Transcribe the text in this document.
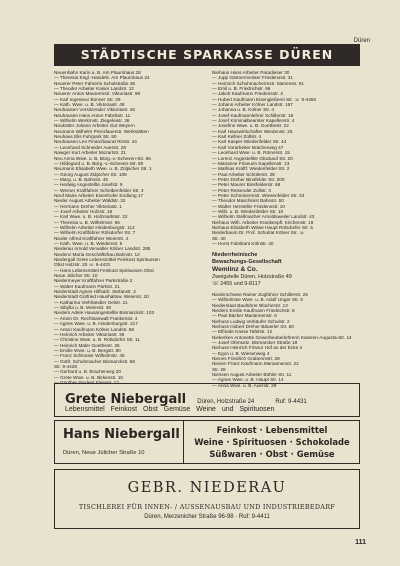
Düren
STÄDTISCHE SPARKASSE DÜREN
Neuenhahn Karin u. B. Am Plaumhaus 28
— Theresia Engl.-Handels. Am Plaumhaus 24
Neuerer Peter Fahrerin Schulstraße 28
— Theoder Arbeiter Kaiser Landstr. 12
Neuerer Anton Maurermstr. Viktoriastr. 98
— Karl Ingenieur Bonner Str. 29
— Kath. Wwe. u. B. Viktoriastr. 48
Neuhausen Vorsitzender Viktoriastr. 46
Neuhausen Hans Anton Fabrikstr. 11
— Wilhelm Werkmstr. Ziegeleistr. 36
Neukötter Johann Arbeiter Gut Weyern
Neumann Wilhelm Prenzlauerstr. Werkstätten
Neuhaus Elis Fuhrpark Str. 50
Neuhausen Leo Finanzbaurat Rinstr. 44
— Leonhard Schneider Auerstr. 28
Nawger Kurt Arbeiter Mozartstr. 21
Neu Anna Wwe. u. B. Bürg.-v.-Scheven-Str. 86
— Hildegard u. B. Bürg.-v.-Scheven-Str. 80
Neumann Elisabeth Wwe. u. B. Zülpicher Str. 1
— Georg August Zülpicher Str. 108
— Marg. u. B. Bahnstr. 46
— Hedwig Angestellte Josefstr. 9
— Werner Kraftfahrer Scheibenfelder Str. 3
Neuf Marie Arbeiter Eisenhofer Endlung 17
Nieder August Arbeiter Waldstr. 32
— Hermann Dreher Viktoriastr. 1
— Josef Arbeiter Holzstr. 18
— Karl Wwe. u. B. Holzmarktstr. 22
— Theresia u. B. Wilhelmstr. 96
— Wilhelm Arbeiter Hindenburgstr. 112
— Wilhelm Kraftfahrer Rölsdorfer Str. 7
Nieder Alfred Kraftfahrer Weierstr. 4
— Kath. Wwe. u. B. Wiedenstr. 5
Niederau Arnold Verwalter Kölner Landstr. 285
Niedenz Maria Geschäftsfrau Bahnstr. 12
Niedergall Grete Lebensmittel Feinkost Spirituosen
Obst Holzstr. 20 ☏ 9-4431
— Hans Lebensmittel Feinkost Spirituosen Obst
Neue Jülicher Str. 10
Niedermeyer Kraftfahrer Parkstraße 2
— Walter Kaufmann Parkstr. 21
Niederstadt Agnes Hilfsarb. Stefanstr. 2
Niederstadt Gotfried Haushaltsw. Weierstr. 20
— Katharina Viehhändler Oelstr. 21
— Sibylla u. B. Weierstr. 48
Nieders Adele Hausangestellte Bismarckstr. 103
— Anton Dr. Rechtsanwalt Frankenstr. 4
— Agnes Wwe. u. B. Hindenburgstr. 217
— Anton Kaufmann Kölner Landstr. 58
— Heinrich Arbeiter Viktoriastr. 38
— Christine Wwe. u. B. Rölsdorfer Str. 11
— Heinrich Maler Goethestr. 25
— Emilie Wwe. u. B. Bergstr. 80
— Franz Schlosser Wilhelmstr. 45
— Gotfr. Schuhmacher Bismarckstr. 56
Str. 9-4428
— Gerhard u. B. Bracherweg 20
— Grete Wwe. u. B. Birkenstr. 10
— Günther Student Kleinstr. 12
Niehaus Hans Arbeiter Paradieser 30
— Jupp Gärtnermeister Friedensstr. 31
— Heinrich Schuhmachermstr. Marienstr. 91
— Emil u. B. Friedrichstr. 96
— Jakob Kaufmann Friedensstr. 4
— Hubert Kaufmann Eisengießerei Str. ☏ 9-4450
— Johann Arbeiter Kölner Landstr. 167
— Johanna u. B. Kölner Str. 4
— Josef Kaufmannlehrer Schillerstr. 19
— Josef Kriminalbeamter Kapellenstr. 4
— Josefine Wwe. u. B. Goethestr. 22
— Karl Hauswirtschafter Wiedenstr. 26
— Karl Kellner Zollstr. 4
— Karl Kasper Wiedenfelder Str. 44
— Karl Vorarbeiter Bracherweg 47
— Leonhard Wwe. u. B. Römerstr. 15
— Lorenz Angestellter Glückauf Str. 20
— Marianne Friseurin Kapellenstr. 13
— Mathias Kraftf. Wiedenfelder Str. 2
— Paul Arbeiter Schülerstr. 28
— Peter Dreher Binsfelder Str. 200
— Peter Maurer Binsfelderstr. 68
— Peter Reisender Zollstr. 3
— Peter Schreinermstr. Wiesenfelder Str. 33
— Theodor Maschinist Bahnstr. 50
— Walter Hersteller Friedensstr. 10
— Wilh. u. B. Wiedenfelder Str. 10
— Wilhelm Stellmacher Arnoldsweiler Landstr. 43
Niehaus Wilh. Arbeiter Krankenpfl. Kirchenstr. 19
Niehaus Elisabeth Witwe Haupt Rölsdorfer Str. 5
Niederbaum Dr. Prof. Schulrat Kölner Str. ☏
Str. 40
— Horst Fabrikant Kölnstr. 40
Niederrheinische
Bewachungs-Gesellschaft
Wemlinz & Co.
Zweigstelle Düren, Holzstraße 49
☏ 2455 und 9-8117
Niederschwee Rainer Zugführer Schillerstr. 25
— Wilhelmine Wwe. u. B. Adolf Unger Str. 9
Niederstaat Bauführer Blücherstr. 13
Nieders Emilie Kaufmann Friedrichstr. 8
— Paul Bäcker Mariannenstr. 6
Niehuss Ludwig Verkäufer Schulstr. 2
Niehuss Hubert Dreher Bäuerler Str. 60
— Elfriede Kasse Tafelstr. 12
Niekerken Antonette Gewerbeoberlehrerin Kaiserin-Augusta-Str. 14
— Josef Ofensetz. Bismarcker Straße 18
Niehuss Heinrich Friseur Hof an der Ecke 4
— Egon u. B. Wiesenweg 4
Nienes Friedrich Grabenmstr. 28
Niesen Franz Kaufmann Mariannenstr. 22
Str. 28
Niessen August Arbeiter Bühler Str. 11
— Agnes Wwe. u. B. Haupt Str. 14
— Anna Wwe. u. B. Auerstr. 29
Grete Niebergall Düren, Holzstraße 24	Ruf: 9-4431
Lebensmittel Feinkost Obst Gemüse Weine und Spirituosen
Hans Niebergall
Düren, Neue Jülicher Straße 10
Feinkost · Lebensmittel
Weine · Spirituosen · Schokolade
Süßwaren · Obst · Gemüse
GEBR. NIEDERAU
TISCHLEREI FÜR INNEN- / AUSSENAUSBAU UND INDUSTRIEBEDARF
Düren, Merzenicher Straße 96-98 · Ruf: 9-4411
111
